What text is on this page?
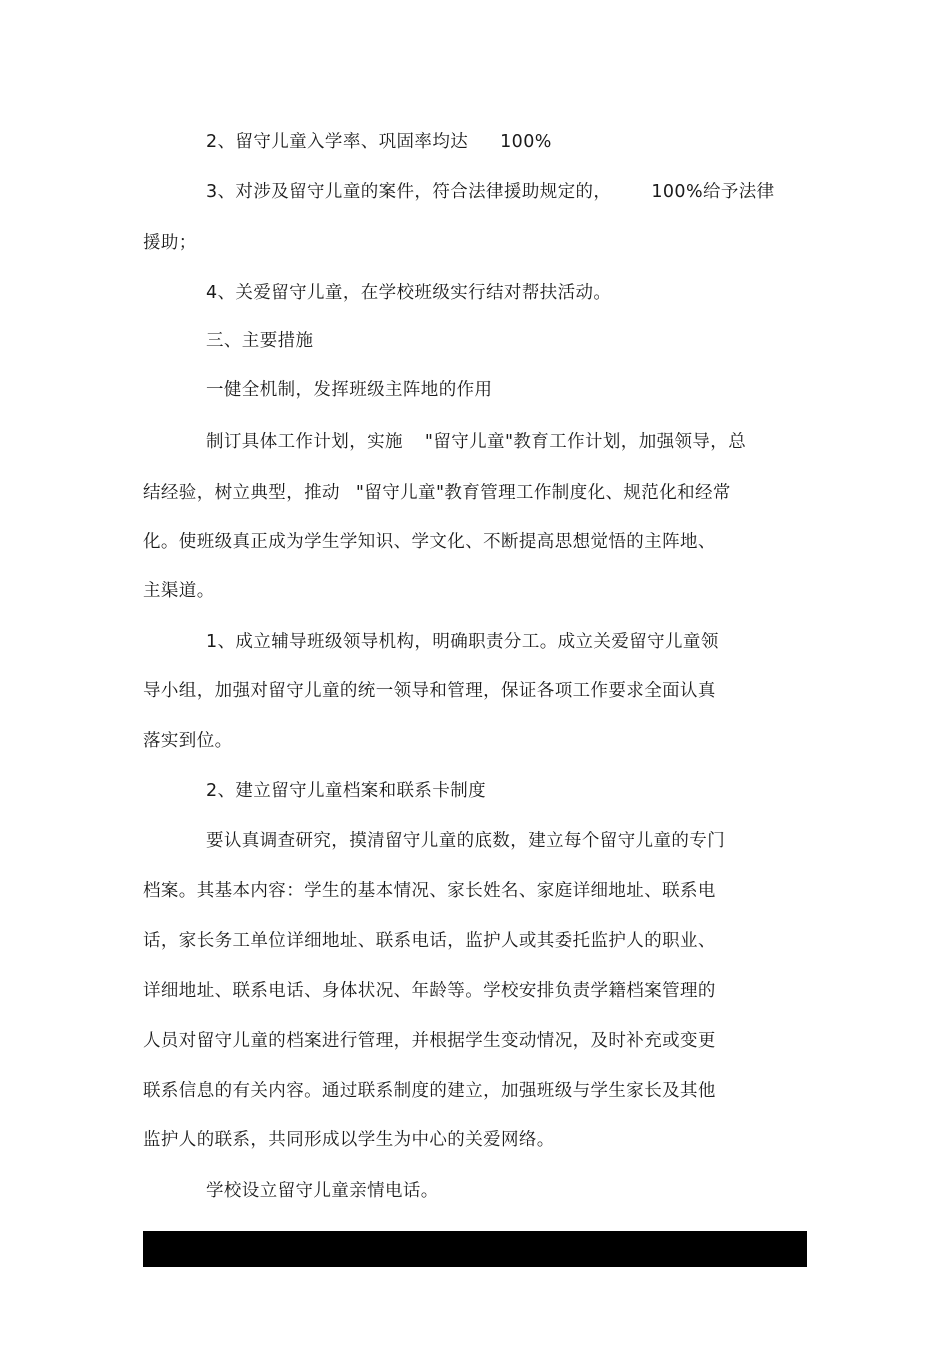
2、留守儿童入学率、巩固率均达 100%
3、对涉及留守儿童的案件，符合法律援助规定的， 100%给予法律
援助；
4、关爱留守儿童，在学校班级实行结对帮扶活动。
三、主要措施
一健全机制，发挥班级主阵地的作用
制订具体工作计划，实施 "留守儿童"教育工作计划，加强领导，总
结经验，树立典型，推动 "留守儿童"教育管理工作制度化、规范化和经常
化。使班级真正成为学生学知识、学文化、不断提高思想觉悟的主阵地、
主渠道。
1、成立辅导班级领导机构，明确职责分工。成立关爱留守儿童领
导小组，加强对留守儿童的统一领导和管理，保证各项工作要求全面认真
落实到位。
2、建立留守儿童档案和联系卡制度
要认真调查研究，摸清留守儿童的底数，建立每个留守儿童的专门
档案。其基本内容：学生的基本情况、家长姓名、家庭详细地址、联系电
话，家长务工单位详细地址、联系电话，监护人或其委托监护人的职业、
详细地址、联系电话、身体状况、年龄等。学校安排负责学籍档案管理的
人员对留守儿童的档案进行管理，并根据学生变动情况，及时补充或变更
联系信息的有关内容。通过联系制度的建立，加强班级与学生家长及其他
监护人的联系，共同形成以学生为中心的关爱网络。
学校设立留守儿童亲情电话。
